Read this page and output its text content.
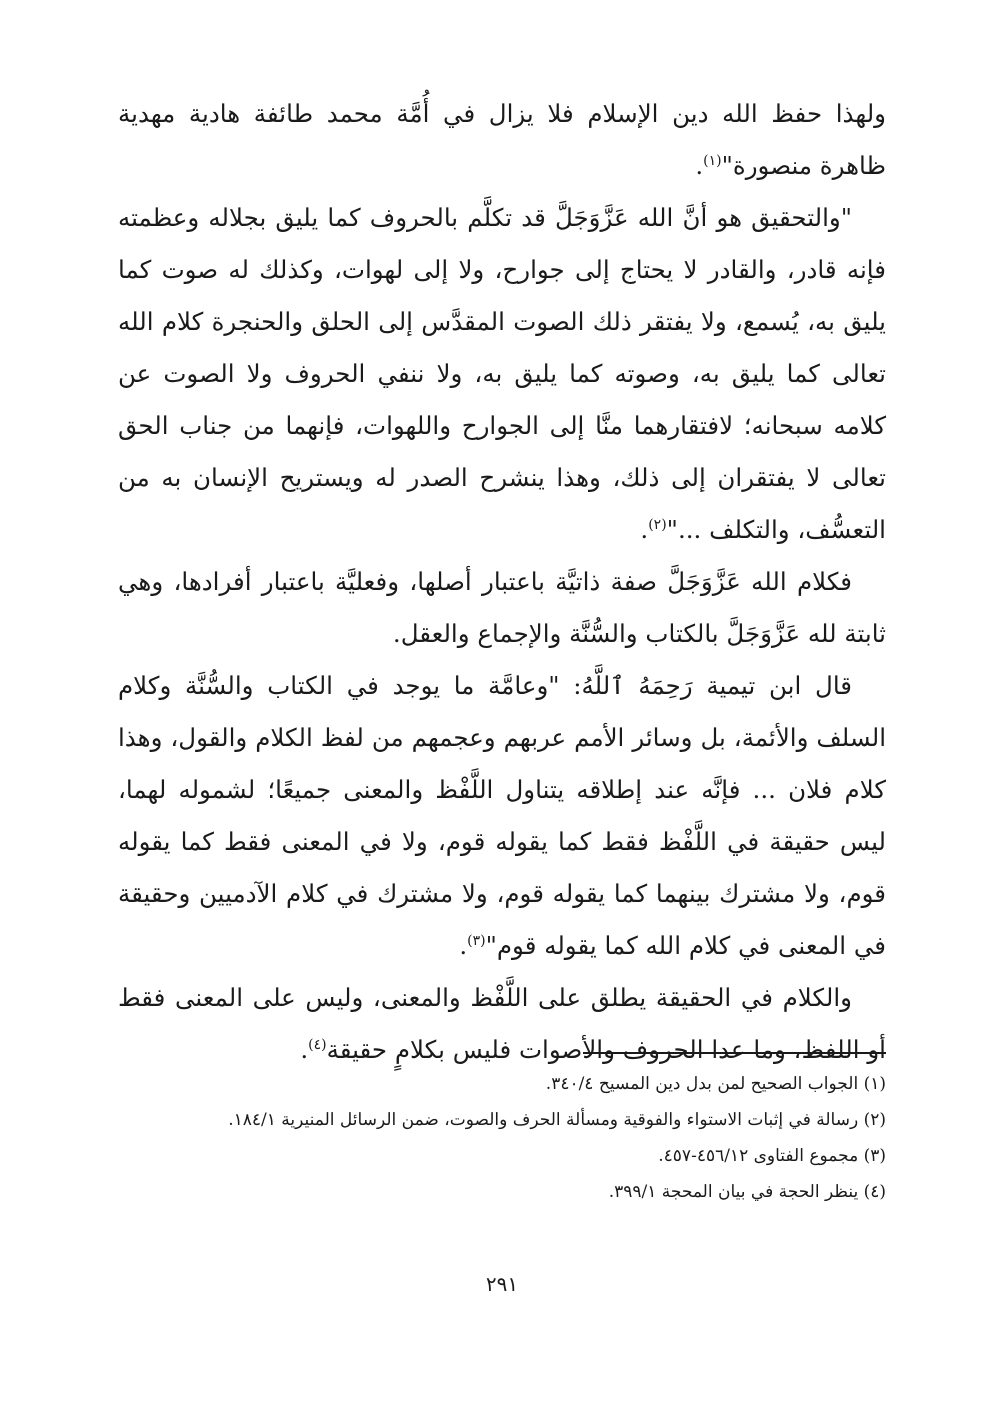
ولهذا حفظ الله دين الإسلام فلا يزال في أُمَّة محمد طائفة هادية مهدية ظاهرة منصورة"$^{(١)}$.

"والتحقيق هو أنَّ الله عَزَّوَجَلَّ قد تكلَّم بالحروف كما يليق بجلاله وعظمته فإنه قادر، والقادر لا يحتاج إلى جوارح، ولا إلى لهوات، وكذلك له صوت كما يليق به، يُسمع، ولا يفتقر ذلك الصوت المقدَّس إلى الحلق والحنجرة كلام الله تعالى كما يليق به، وصوته كما يليق به، ولا ننفي الحروف ولا الصوت عن كلامه سبحانه؛ لافتقارهما منَّا إلى الجوارح واللهوات، فإنهما من جناب الحق تعالى لا يفتقران إلى ذلك، وهذا ينشرح الصدر له ويستريح الإنسان به من التعسُّف، والتكلف ..."$^{(٢)}$.

فكلام الله عَزَّوَجَلَّ صفة ذاتيَّة باعتبار أصلها، وفعليَّة باعتبار أفرادها، وهي ثابتة لله عَزَّوَجَلَّ بالكتاب والسُّنَّة والإجماع والعقل.

قال ابن تيمية رَحِمَهُ ٱللَّهُ: "وعامَّة ما يوجد في الكتاب والسُّنَّة وكلام السلف والأئمة، بل وسائر الأمم عربهم وعجمهم من لفظ الكلام والقول، وهذا كلام فلان ... فإنَّه عند إطلاقه يتناول اللَّفْظ والمعنى جميعًا؛ لشموله لهما، ليس حقيقة في اللَّفْظ فقط كما يقوله قوم، ولا في المعنى فقط كما يقوله قوم، ولا مشترك بينهما كما يقوله قوم، ولا مشترك في كلام الآدميين وحقيقة في المعنى في كلام الله كما يقوله قوم"$^{(٣)}$.

والكلام في الحقيقة يطلق على اللَّفْظ والمعنى، وليس على المعنى فقط أو اللفظ، وما عدا الحروف والأصوات فليس بكلامٍ حقيقة$^{(٤)}$.

(١) الجواب الصحيح لمن بدل دين المسيح ٣٤٠/٤.
(٢) رسالة في إثبات الاستواء والفوقية ومسألة الحرف والصوت، ضمن الرسائل المنيرية ١٨٤/١.
(٣) مجموع الفتاوى ٤٥٦/١٢-٤٥٧.
(٤) ينظر الحجة في بيان المحجة ٣٩٩/١.
٢٩١
